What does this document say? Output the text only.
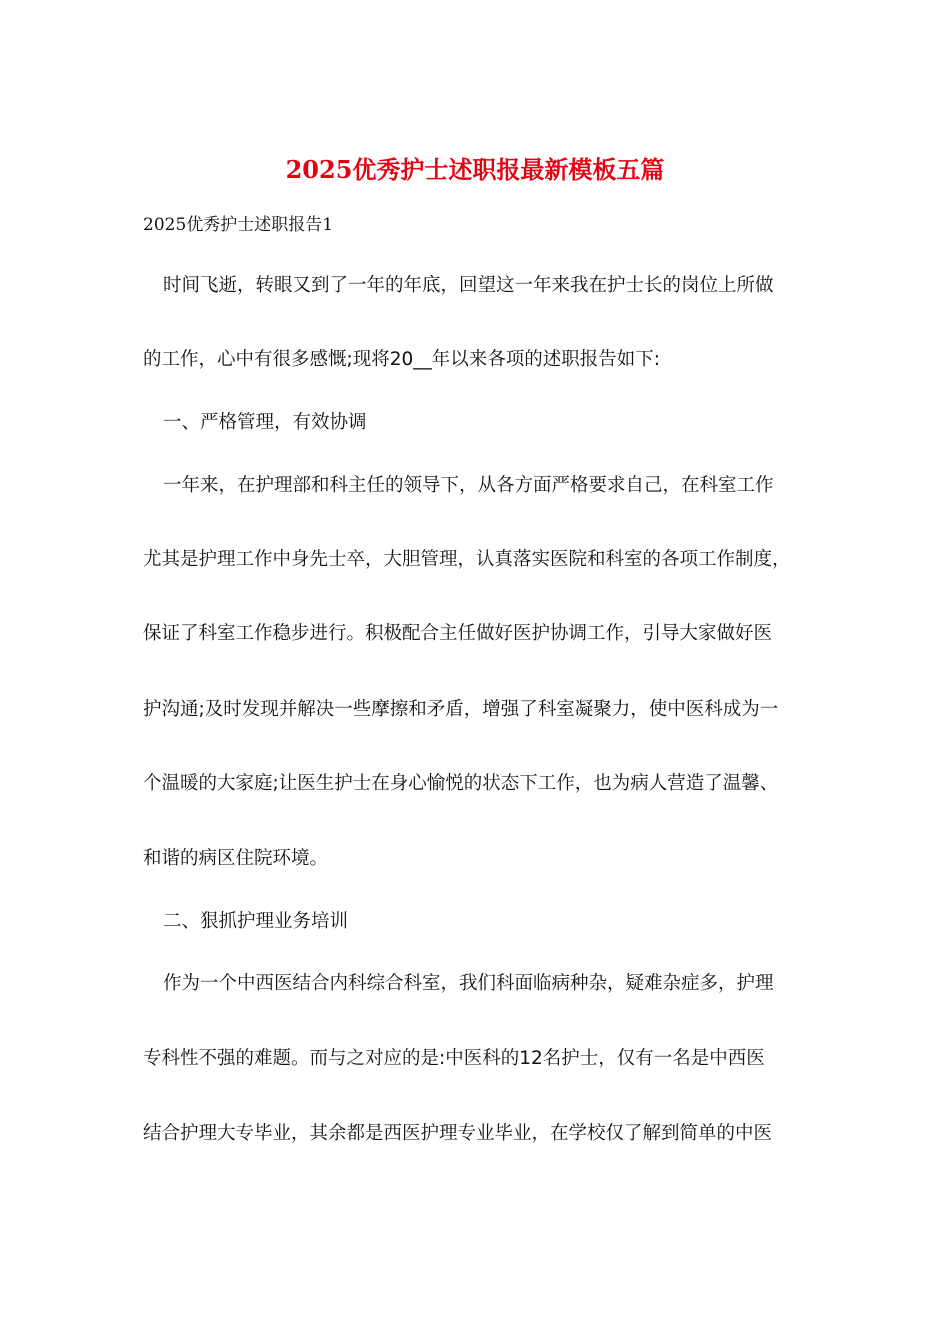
2025优秀护士述职报最新模板五篇

2025优秀护士述职报告1

时间飞逝，转眼又到了一年的年底，回望这一年来我在护士长的岗位上所做

的工作，心中有很多感慨;现将20__年以来各项的述职报告如下:

一、严格管理，有效协调

一年来，在护理部和科主任的领导下，从各方面严格要求自己，在科室工作

尤其是护理工作中身先士卒，大胆管理，认真落实医院和科室的各项工作制度，

保证了科室工作稳步进行。积极配合主任做好医护协调工作，引导大家做好医

护沟通;及时发现并解决一些摩擦和矛盾，增强了科室凝聚力，使中医科成为一

个温暖的大家庭;让医生护士在身心愉悦的状态下工作，也为病人营造了温馨、

和谐的病区住院环境。

二、狠抓护理业务培训

作为一个中西医结合内科综合科室，我们科面临病种杂，疑难杂症多，护理

专科性不强的难题。而与之对应的是:中医科的12名护士，仅有一名是中西医

结合护理大专毕业，其余都是西医护理专业毕业，在学校仅了解到简单的中医
